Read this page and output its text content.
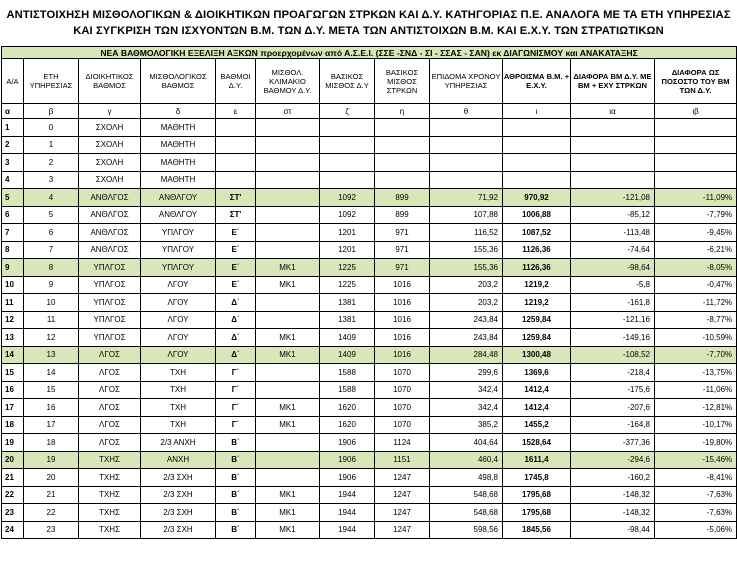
ΑΝΤΙΣΤΟΙΧΗΣΗ ΜΙΣΘΟΛΟΓΙΚΩΝ & ΔΙΟΙΚΗΤΙΚΩΝ ΠΡΟΑΓΩΓΩΝ ΣΤΡΚΩΝ ΚΑΙ Δ.Υ. ΚΑΤΗΓΟΡΙΑΣ Π.Ε. ΑΝΑΛΟΓΑ ΜΕ ΤΑ ΕΤΗ ΥΠΗΡΕΣΙΑΣ
ΚΑΙ ΣΥΓΚΡΙΣΗ ΤΩΝ ΙΣΧΥΟΝΤΩΝ Β.Μ. ΤΩΝ Δ.Υ. ΜΕΤΑ ΤΩΝ ΑΝΤΙΣΤΟΙΧΩΝ Β.Μ. ΚΑΙ Ε.Χ.Υ. ΤΩΝ ΣΤΡΑΤΙΩΤΙΚΩΝ
ΝΕΑ ΒΑΘΜΟΛΟΓΙΚΗ ΕΞΕΛΙΞΗ ΑΞΚΩΝ προερχομένων από Α.Σ.Ε.Ι. (ΣΣΕ -ΣΝΔ - ΣΙ - ΣΣΑΣ - ΣΑΝ) εκ ΔΙΑΓΩΝΙΣΜΟΥ και ΑΝΑΚΑΤΑΞΗΣ											
Α/Α	ΕΤΗ ΥΠΗΡΕΣΙΑΣ	ΔΙΟΙΚΗΤΙΚΟΣ ΒΑΘΜΟΣ	ΜΙΣΘΟΛΟΓΙΚΟΣ ΒΑΘΜΟΣ	ΒΑΘΜΟΙ Δ.Υ.	ΜΙΣΘΟΛ. ΚΛΙΜΑΚΙΟ ΒΑΘΜΟΥ Δ.Υ.	ΒΑΣΙΚΟΣ ΜΙΣΘΟΣ Δ.Υ	ΒΑΣΙΚΟΣ ΜΙΣΘΟΣ ΣΤΡΚΩΝ	ΕΠΙΔΟΜΑ ΧΡΟΝΟΥ ΥΠΗΡΕΣΙΑΣ	ΑΘΡΟΙΣΜΑ Β.Μ. + Ε.Χ.Υ.	ΔΙΑΦΟΡΑ ΒΜ Δ.Υ. ΜΕ ΒΜ + ΕΧΥ ΣΤΡΚΩΝ	ΔΙΑΦΟΡΑ ΩΣ ΠΟΣΟΣΤΟ ΤΟΥ ΒΜ ΤΩΝ Δ.Υ.
α	β	γ	δ	ε	στ	ζ	η	θ	ι	ια	ιβ
1	0	ΣΧΟΛΗ	ΜΑΘΗΤΗ								
2	1	ΣΧΟΛΗ	ΜΑΘΗΤΗ								
3	2	ΣΧΟΛΗ	ΜΑΘΗΤΗ								
4	3	ΣΧΟΛΗ	ΜΑΘΗΤΗ								
5	4	ΑΝΘΛΓΟΣ	ΑΝΘΛΓΟΥ	ΣΤ'		1092	899	71,92	970,92	-121,08	-11,09%
6	5	ΑΝΘΛΓΟΣ	ΑΝΘΛΓΟΥ	ΣΤ'		1092	899	107,88	1006,88	-85,12	-7,79%
7	6	ΑΝΘΛΓΟΣ	ΥΠΛΓΟΥ	Ε΄		1201	971	116,52	1087,52	-113,48	-9,45%
8	7	ΑΝΘΛΓΟΣ	ΥΠΛΓΟΥ	Ε΄		1201	971	155,36	1126,36	-74,64	-6,21%
9	8	ΥΠΛΓΟΣ	ΥΠΛΓΟΥ	Ε΄	ΜΚ1	1225	971	155,36	1126,36	-98,64	-8,05%
10	9	ΥΠΛΓΟΣ	ΛΓΟΥ	Ε΄	ΜΚ1	1225	1016	203,2	1219,2	-5,8	-0,47%
11	10	ΥΠΛΓΟΣ	ΛΓΟΥ	Δ΄		1381	1016	203,2	1219,2	-161,8	-11,72%
12	11	ΥΠΛΓΟΣ	ΛΓΟΥ	Δ΄		1381	1016	243,84	1259,84	-121,16	-8,77%
13	12	ΥΠΛΓΟΣ	ΛΓΟΥ	Δ΄	ΜΚ1	1409	1016	243,84	1259,84	-149,16	-10,59%
14	13	ΛΓΟΣ	ΛΓΟΥ	Δ΄	ΜΚ1	1409	1016	284,48	1300,48	-108,52	-7,70%
15	14	ΛΓΟΣ	ΤΧΗ	Γ΄		1588	1070	299,6	1369,6	-218,4	-13,75%
16	15	ΛΓΟΣ	ΤΧΗ	Γ΄		1588	1070	342,4	1412,4	-175,6	-11,06%
17	16	ΛΓΟΣ	ΤΧΗ	Γ΄	ΜΚ1	1620	1070	342,4	1412,4	-207,6	-12,81%
18	17	ΛΓΟΣ	ΤΧΗ	Γ΄	ΜΚ1	1620	1070	385,2	1455,2	-164,8	-10,17%
19	18	ΛΓΟΣ	2/3 ΑΝΧΗ	Β΄		1906	1124	404,64	1528,64	-377,36	-19,80%
20	19	ΤΧΗΣ	ΑΝΧΗ	Β΄		1906	1151	460,4	1611,4	-294,6	-15,46%
21	20	ΤΧΗΣ	2/3 ΣΧΗ	Β΄		1906	1247	498,8	1745,8	-160,2	-8,41%
22	21	ΤΧΗΣ	2/3 ΣΧΗ	Β΄	ΜΚ1	1944	1247	548,68	1795,68	-148,32	-7,63%
23	22	ΤΧΗΣ	2/3 ΣΧΗ	Β΄	ΜΚ1	1944	1247	548,68	1795,68	-148,32	-7,63%
24	23	ΤΧΗΣ	2/3 ΣΧΗ	Β΄	ΜΚ1	1944	1247	598,56	1845,56	-98,44	-5,06%
